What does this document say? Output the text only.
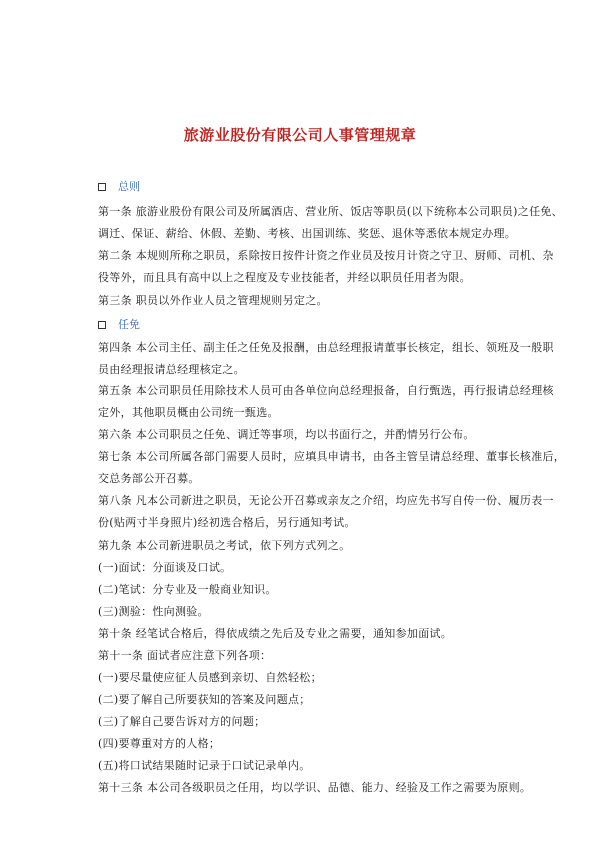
旅游业股份有限公司人事管理规章
总则
第一条 旅游业股份有限公司及所属酒店、营业所、饭店等职员(以下统称本公司职员)之任免、
调迁、保证、薪给、休假、差勤、考核、出国训练、奖惩、退休等悉依本规定办理。
第二条 本规则所称之职员，系除按日按件计资之作业员及按月计资之守卫、厨师、司机、杂
役等外，而且具有高中以上之程度及专业技能者，并经以职员任用者为限。
第三条 职员以外作业人员之管理规则另定之。
任免
第四条 本公司主任、副主任之任免及报酬，由总经理报请董事长核定，组长、领班及一般职
员由经理报请总经理核定之。
第五条 本公司职员任用除技术人员可由各单位向总经理报备，自行甄选，再行报请总经理核
定外，其他职员概由公司统一甄选。
第六条 本公司职员之任免、调迁等事项，均以书面行之，并酌情另行公布。
第七条 本公司所属各部门需要人员时，应填具申请书，由各主管呈请总经理、董事长核准后，
交总务部公开召募。
第八条 凡本公司新进之职员，无论公开召募或亲友之介绍，均应先书写自传一份、履历表一
份(贴两寸半身照片)经初选合格后，另行通知考试。
第九条 本公司新进职员之考试，依下列方式列之。
(一)面试：分面谈及口试。
(二)笔试：分专业及一般商业知识。
(三)测验：性向测验。
第十条 经笔试合格后，得依成绩之先后及专业之需要，通知参加面试。
第十一条 面试者应注意下列各项：
(一)要尽量使应征人员感到亲切、自然轻松；
(二)要了解自己所要获知的答案及问题点；
(三)了解自己要告诉对方的问题；
(四)要尊重对方的人格；
(五)将口试结果随时记录于口试记录单内。
第十三条 本公司各级职员之任用，均以学识、品德、能力、经验及工作之需要为原则。
